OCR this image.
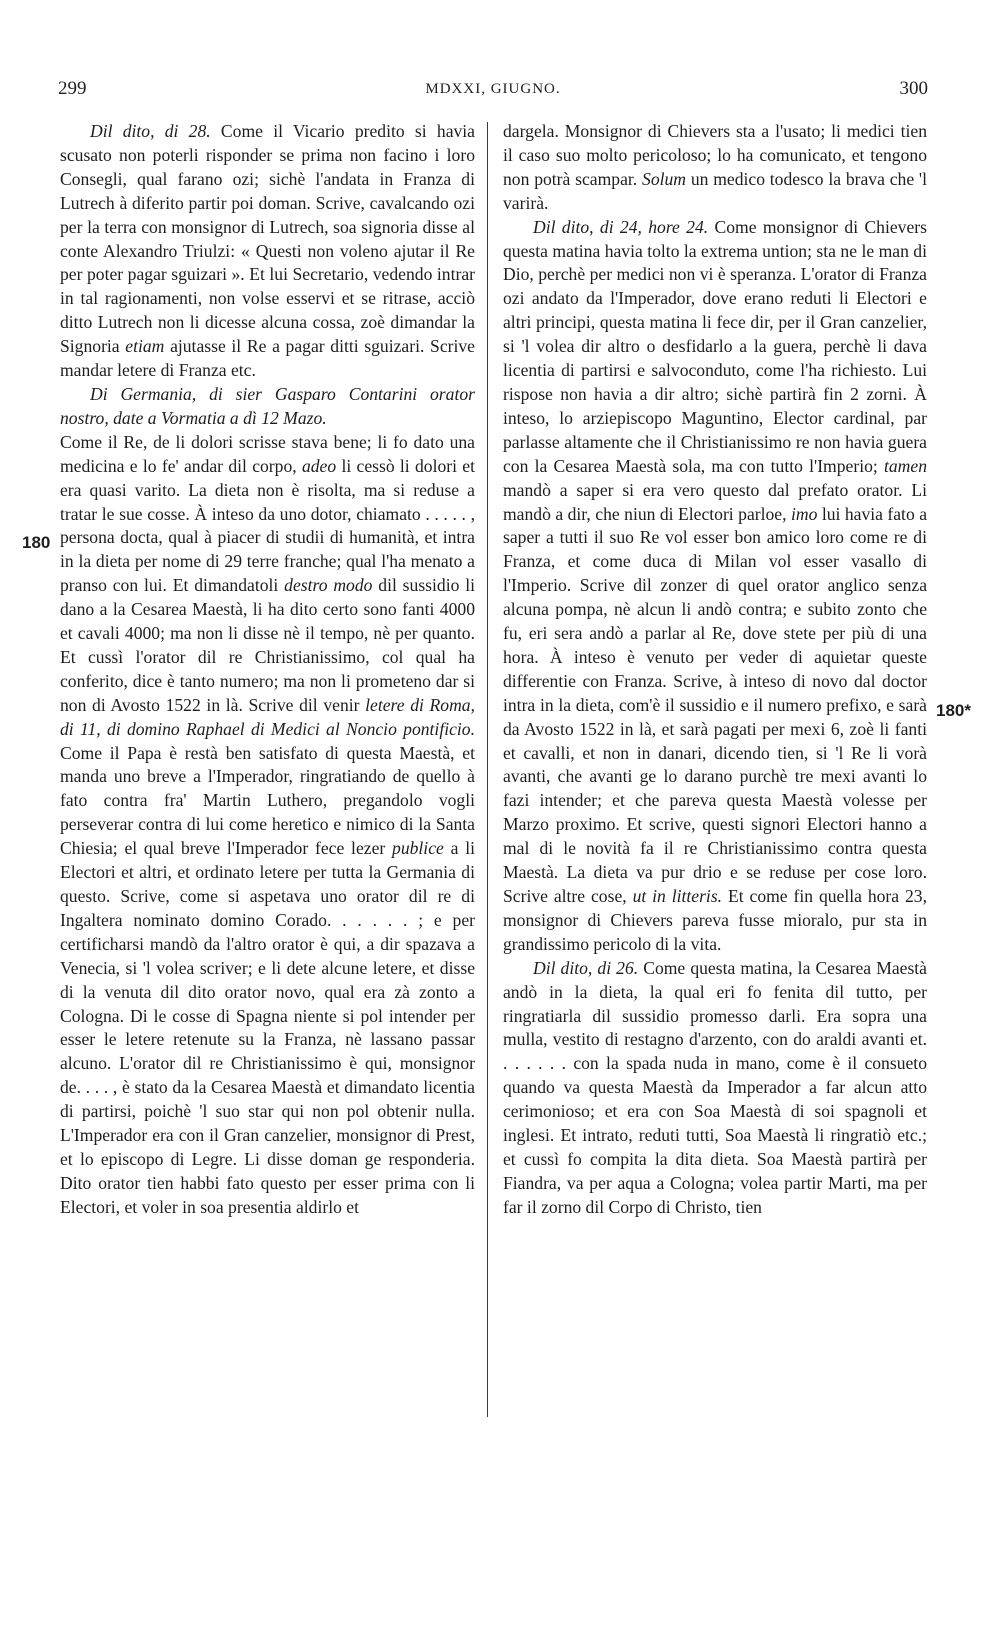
299	MDXXI, GIUGNO.	300
180
180*

Dil dito, di 28. Come il Vicario predito si havia scusato non poterli risponder se prima non facino i loro Consegli, qual farano ozi; sichè l'andata in Franza di Lutrech à diferito partir poi doman. Scrive, cavalcando ozi per la terra con monsignor di Lutrech, soa signoria disse al conte Alexandro Triulzi: « Questi non voleno ajutar il Re per poter pagar sguizari ». Et lui Secretario, vedendo intrar in tal ragionamenti, non volse esservi et se ritrase, acciò ditto Lutrech non li dicesse alcuna cossa, zoè dimandar la Signoria etiam ajutasse il Re a pagar ditti sguizari. Scrive mandar letere di Franza etc.

Di Germania, di sier Gasparo Contarini orator nostro, date a Vormatia a dì 12 Mazo.

Come il Re, de li dolori scrisse stava bene; li fo dato una medicina e lo fe' andar dil corpo, adeo li cessò li dolori et era quasi varito. La dieta non è risolta, ma si reduse a tratar le sue cosse. À inteso da uno dotor, chiamato . . . . . , persona docta, qual à piacer di studii di humanità, et intra in la dieta per nome di 29 terre franche; qual l'ha menato a pranso con lui. Et dimandatoli destro modo dil sussidio li dano a la Cesarea Maestà, li ha dito certo sono fanti 4000 et cavali 4000; ma non li disse nè il tempo, nè per quanto. Et cussì l'orator dil re Christianissimo, col qual ha conferito, dice è tanto numero; ma non li prometeno dar si non di Avosto 1522 in là. Scrive dil venir letere di Roma, di 11, di domino Raphael di Medici al Noncio pontificio. Come il Papa è restà ben satisfato di questa Maestà, et manda uno breve a l'Imperador, ringratiando de quello à fato contra fra' Martin Luthero, pregandolo vogli perseverar contra di lui come heretico e nimico di la Santa Chiesia; el qual breve l'Imperador fece lezer publice a li Electori et altri, et ordinato letere per tutta la Germania di questo. Scrive, come si aspetava uno orator dil re di Ingaltera nominato domino Corado. . . . . . ; e per certificharsi mandò da l'altro orator è qui, a dir spazava a Venecia, si 'l volea scriver; e li dete alcune letere, et disse di la venuta dil dito orator novo, qual era zà zonto a Cologna. Di le cosse di Spagna niente si pol intender per esser le letere retenute su la Franza, nè lassano passar alcuno. L'orator dil re Christianissimo è qui, monsignor de. . . . , è stato da la Cesarea Maestà et dimandato licentia di partirsi, poichè 'l suo star qui non pol obtenir nulla. L'Imperador era con il Gran canzelier, monsignor di Prest, et lo episcopo di Legre. Li disse doman ge responderia. Dito orator tien habbi fato questo per esser prima con li Electori, et voler in soa presentia aldirlo et

dargela. Monsignor di Chievers sta a l'usato; li medici tien il caso suo molto pericoloso; lo ha comunicato, et tengono non potrà scampar. Solum un medico todesco la brava che 'l varirà.

Dil dito, di 24, hore 24. Come monsignor di Chievers questa matina havia tolto la extrema untion; sta ne le man di Dio, perchè per medici non vi è speranza. L'orator di Franza ozi andato da l'Imperador, dove erano reduti li Electori e altri principi, questa matina li fece dir, per il Gran canzelier, si 'l volea dir altro o desfidarlo a la guera, perchè li dava licentia di partirsi e salvoconduto, come l'ha richiesto. Lui rispose non havia a dir altro; sichè partirà fin 2 zorni. À inteso, lo arziepiscopo Maguntino, Elector cardinal, par parlasse altamente che il Christianissimo re non havia guera con la Cesarea Maestà sola, ma con tutto l'Imperio; tamen mandò a saper si era vero questo dal prefato orator. Li mandò a dir, che niun di Electori parloe, imo lui havia fato a saper a tutti il suo Re vol esser bon amico loro come re di Franza, et come duca di Milan vol esser vasallo di l'Imperio. Scrive dil zonzer di quel orator anglico senza alcuna pompa, nè alcun li andò contra; e subito zonto che fu, eri sera andò a parlar al Re, dove stete per più di una hora. À inteso è venuto per veder di aquietar queste differentie con Franza. Scrive, à inteso di novo dal doctor intra in la dieta, com'è il sussidio e il numero prefixo, e sarà da Avosto 1522 in là, et sarà pagati per mexi 6, zoè li fanti et cavalli, et non in danari, dicendo tien, si 'l Re li vorà avanti, che avanti ge lo darano purchè tre mexi avanti lo fazi intender; et che pareva questa Maestà volesse per Marzo proximo. Et scrive, questi signori Electori hanno a mal di le novità fa il re Christianissimo contra questa Maestà. La dieta va pur drio e se reduse per cose loro. Scrive altre cose, ut in litteris. Et come fin quella hora 23, monsignor di Chievers pareva fusse mioralo, pur sta in grandissimo pericolo di la vita.

Dil dito, di 26. Come questa matina, la Cesarea Maestà andò in la dieta, la qual eri fo fenita dil tutto, per ringratiarla dil sussidio promesso darli. Era sopra una mulla, vestito di restagno d'arzento, con do araldi avanti et. . . . . . . con la spada nuda in mano, come è il consueto quando va questa Maestà da Imperador a far alcun atto cerimonioso; et era con Soa Maestà di soi spagnoli et inglesi. Et intrato, reduti tutti, Soa Maestà li ringratiò etc.; et cussì fo compita la dita dieta. Soa Maestà partirà per Fiandra, va per aqua a Cologna; volea partir Marti, ma per far il zorno dil Corpo di Christo, tien
